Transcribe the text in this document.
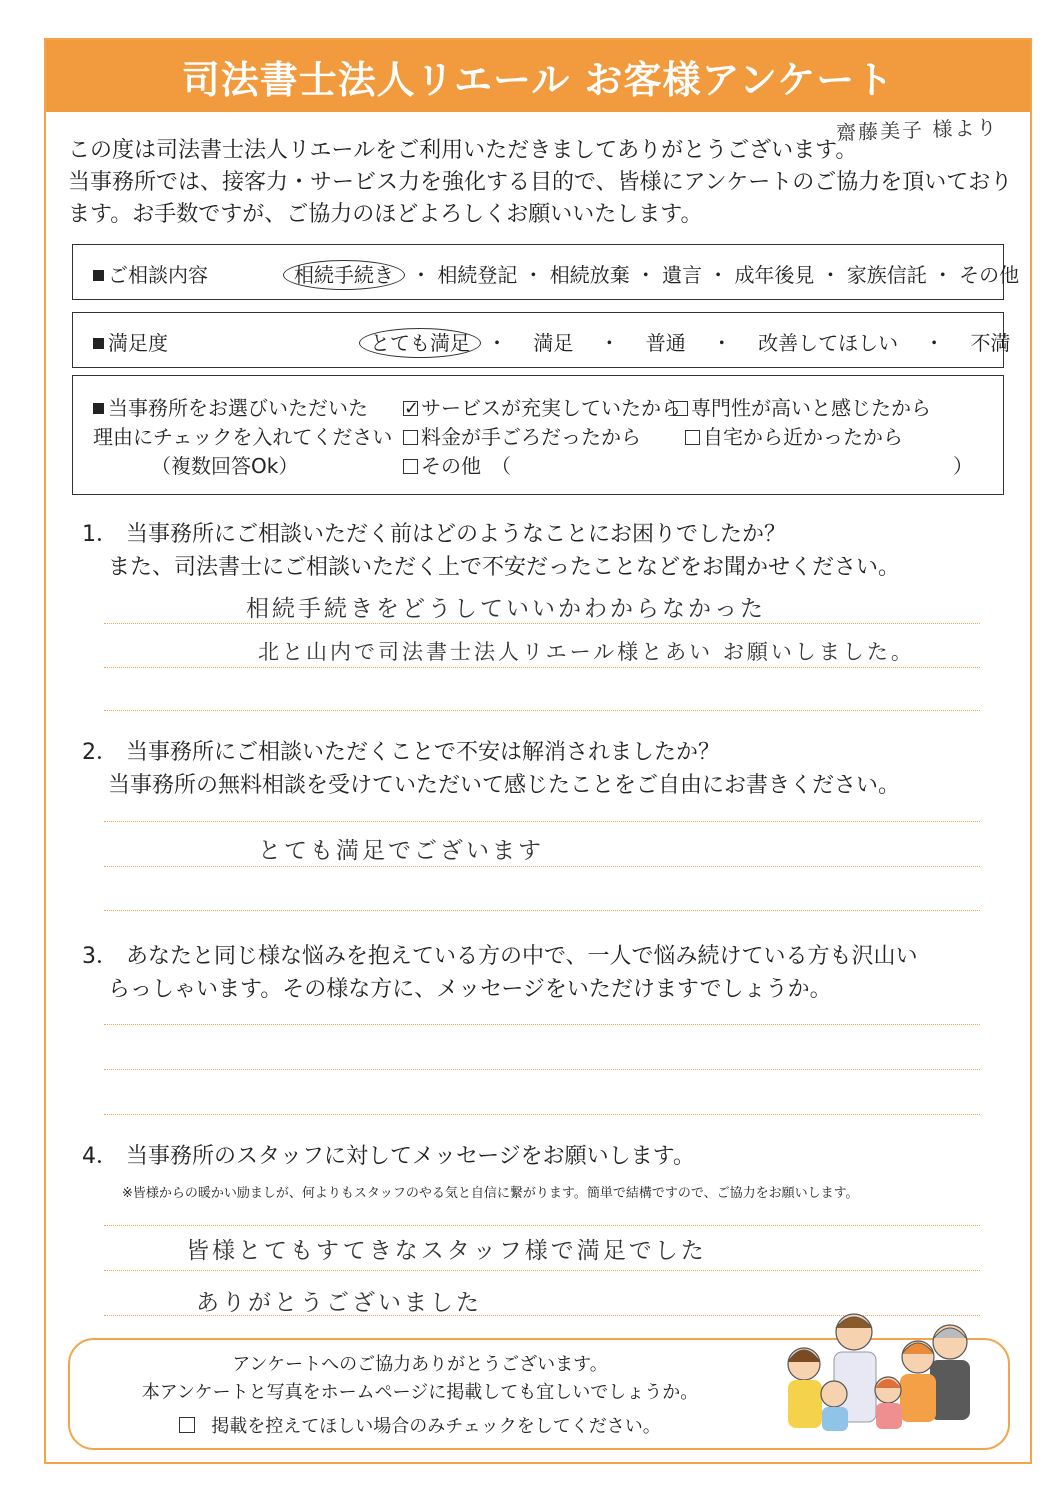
司法書士法人リエール お客様アンケート
齋藤美子 様より
この度は司法書士法人リエールをご利用いただきましてありがとうございます。
当事務所では、接客力・サービス力を強化する目的で、皆様にアンケートのご協力を頂いており
ます。お手数ですが、ご協力のほどよろしくお願いいたします。
ご相談内容	相続手続き ・ 相続登記 ・ 相続放棄 ・ 遺言 ・ 成年後見 ・ 家族信託 ・ その他
満足度	とても満足 ・　 満足　・　 普通　・　 改善してほしい　・　 不満
当事務所をお選びいただいた
理由にチェックを入れてください
（複数回答Ok）
✓サービスが充実していたから 専門性が高いと感じたから
料金が手ごろだったから	自宅から近かったから
その他　（	）
1． 当事務所にご相談いただく前はどのようなことにお困りでしたか？
また、司法書士にご相談いただく上で不安だったことなどをお聞かせください。
相続手続きをどうしていいかわからなかった
北と山内で司法書士法人リエール様とあい お願いしました。
2． 当事務所にご相談いただくことで不安は解消されましたか？
当事務所の無料相談を受けていただいて感じたことをご自由にお書きください。
とても満足でございます
3． あなたと同じ様な悩みを抱えている方の中で、一人で悩み続けている方も沢山い
らっしゃいます。その様な方に、メッセージをいただけますでしょうか。
4． 当事務所のスタッフに対してメッセージをお願いします。
※皆様からの暖かい励ましが、何よりもスタッフのやる気と自信に繋がります。簡単で結構ですので、ご協力をお願いします。
皆様とてもすてきなスタッフ様で満足でした
ありがとうございました
アンケートへのご協力ありがとうございます。
本アンケートと写真をホームページに掲載しても宜しいでしょうか。
掲載を控えてほしい場合のみチェックをしてください。
